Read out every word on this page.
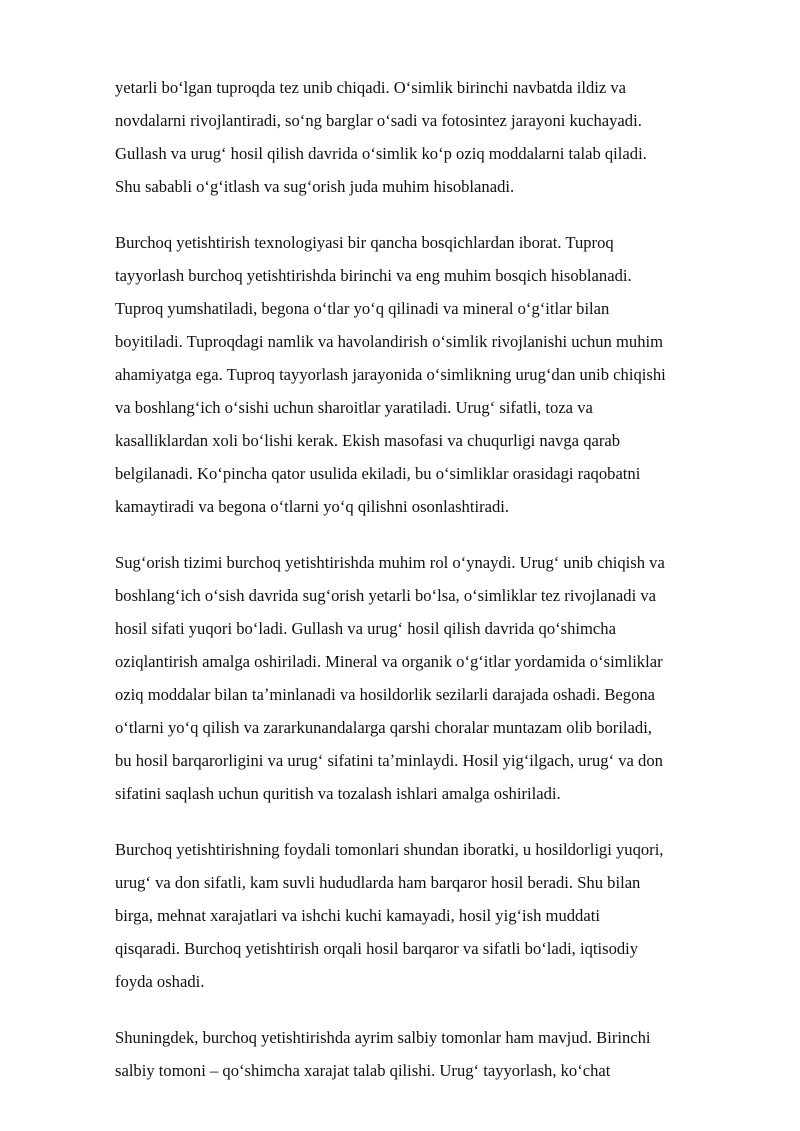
yetarli boʻlgan tuproqda tez unib chiqadi. Oʻsimlik birinchi navbatda ildiz va
novdalarni rivojlantiradi, soʻng barglar oʻsadi va fotosintez jarayoni kuchayadi.
Gullash va urugʻ hosil qilish davrida oʻsimlik koʻp oziq moddalarni talab qiladi.
Shu sababli oʻgʻitlash va sugʻorish juda muhim hisoblanadi.

Burchoq yetishtirish texnologiyasi bir qancha bosqichlardan iborat. Tuproq
tayyorlash burchoq yetishtirishda birinchi va eng muhim bosqich hisoblanadi.
Tuproq yumshatiladi, begona oʻtlar yoʻq qilinadi va mineral oʻgʻitlar bilan
boyitiladi. Tuproqdagi namlik va havolandirish oʻsimlik rivojlanishi uchun muhim
ahamiyatga ega. Tuproq tayyorlash jarayonida oʻsimlikning urugʻdan unib chiqishi
va boshlangʻich oʻsishi uchun sharoitlar yaratiladi. Urugʻ sifatli, toza va
kasalliklardan xoli boʻlishi kerak. Ekish masofasi va chuqurligi navga qarab
belgilanadi. Koʻpincha qator usulida ekiladi, bu oʻsimliklar orasidagi raqobatni
kamaytiradi va begona oʻtlarni yoʻq qilishni osonlashtiradi.

Sugʻorish tizimi burchoq yetishtirishda muhim rol oʻynaydi. Urugʻ unib chiqish va
boshlangʻich oʻsish davrida sugʻorish yetarli boʻlsa, oʻsimliklar tez rivojlanadi va
hosil sifati yuqori boʻladi. Gullash va urugʻ hosil qilish davrida qoʻshimcha
oziqlantirish amalga oshiriladi. Mineral va organik oʻgʻitlar yordamida oʻsimliklar
oziq moddalar bilan taʼminlanadi va hosildorlik sezilarli darajada oshadi. Begona
oʻtlarni yoʻq qilish va zararkunandalarga qarshi choralar muntazam olib boriladi,
bu hosil barqarorligini va urugʻ sifatini taʼminlaydi. Hosil yigʻilgach, urugʻ va don
sifatini saqlash uchun quritish va tozalash ishlari amalga oshiriladi.

Burchoq yetishtirishning foydali tomonlari shundan iboratki, u hosildorligi yuqori,
urugʻ va don sifatli, kam suvli hududlarda ham barqaror hosil beradi. Shu bilan
birga, mehnat xarajatlari va ishchi kuchi kamayadi, hosil yigʻish muddati
qisqaradi. Burchoq yetishtirish orqali hosil barqaror va sifatli boʻladi, iqtisodiy
foyda oshadi.

Shuningdek, burchoq yetishtirishda ayrim salbiy tomonlar ham mavjud. Birinchi
salbiy tomoni – qoʻshimcha xarajat talab qilishi. Urugʻ tayyorlash, koʻchat
